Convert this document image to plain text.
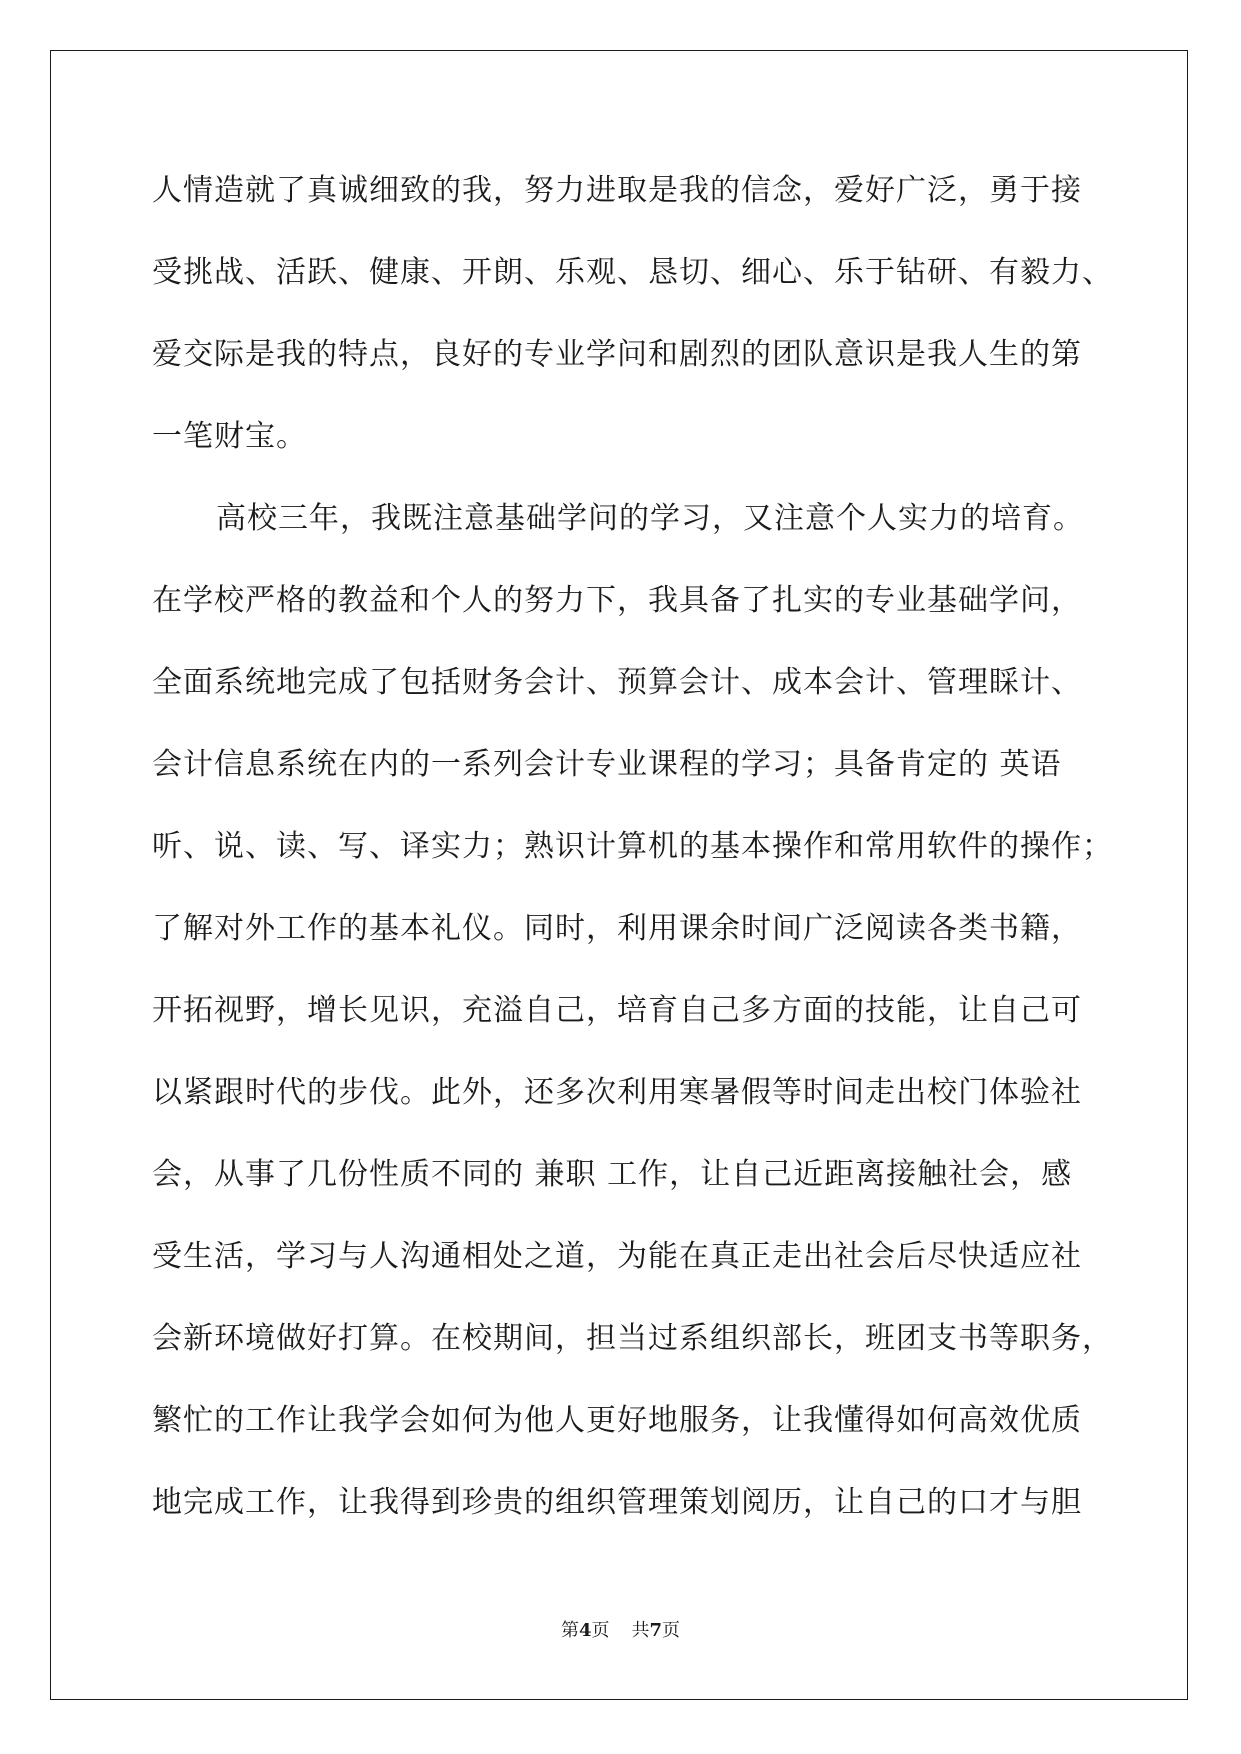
人情造就了真诚细致的我，努力进取是我的信念，爱好广泛，勇于接
受挑战、活跃、健康、开朗、乐观、恳切、细心、乐于钻研、有毅力、
爱交际是我的特点，良好的专业学问和剧烈的团队意识是我人生的第
一笔财宝。
高校三年，我既注意基础学问的学习，又注意个人实力的培育。
在学校严格的教益和个人的努力下，我具备了扎实的专业基础学问，
全面系统地完成了包括财务会计、预算会计、成本会计、管理睬计、
会计信息系统在内的一系列会计专业课程的学习；具备肯定的 英语
听、说、读、写、译实力；熟识计算机的基本操作和常用软件的操作；
了解对外工作的基本礼仪。同时，利用课余时间广泛阅读各类书籍，
开拓视野，增长见识，充溢自己，培育自己多方面的技能，让自己可
以紧跟时代的步伐。此外，还多次利用寒暑假等时间走出校门体验社
会，从事了几份性质不同的 兼职 工作，让自己近距离接触社会，感
受生活，学习与人沟通相处之道，为能在真正走出社会后尽快适应社
会新环境做好打算。在校期间，担当过系组织部长，班团支书等职务，
繁忙的工作让我学会如何为他人更好地服务，让我懂得如何高效优质
地完成工作，让我得到珍贵的组织管理策划阅历，让自己的口才与胆
第4页 共7页
